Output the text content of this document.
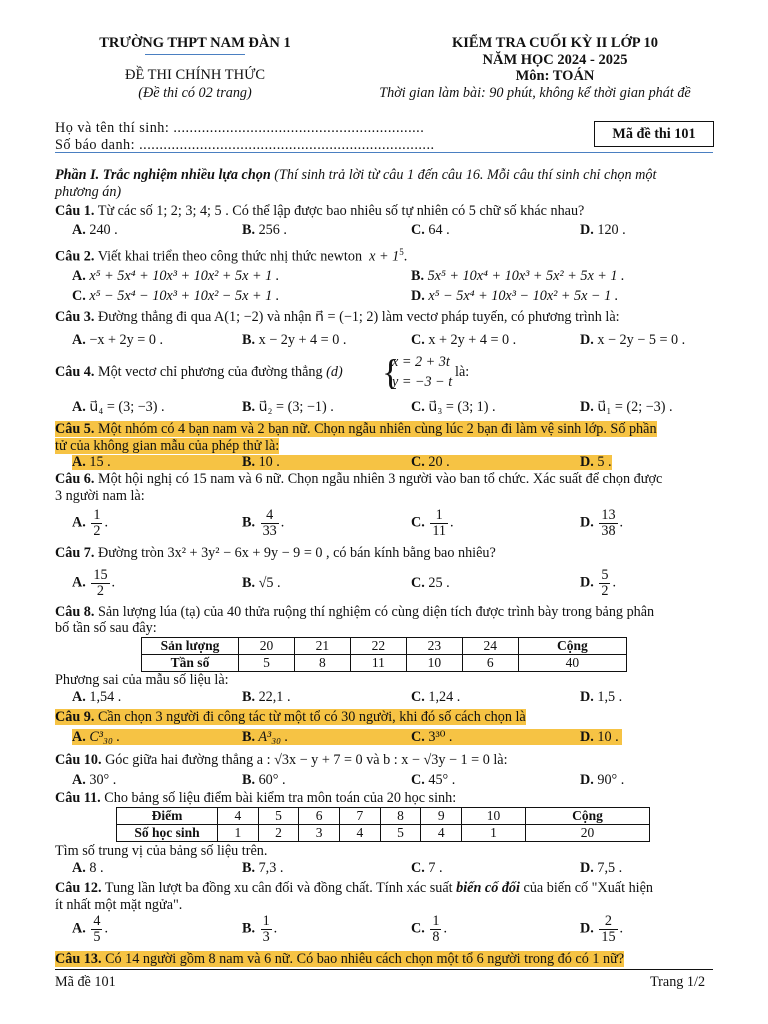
TRƯỜNG THPT NAM ĐÀN 1
ĐỀ THI CHÍNH THỨC
(Đề thi có 02 trang)
KIỂM TRA CUỐI KỲ II LỚP 10
NĂM HỌC 2024 - 2025
Môn: TOÁN
Thời gian làm bài: 90 phút, không kể thời gian phát đề
Họ và tên thí sinh: ..............................................................
Số báo danh: .........................................................................
Mã đề thi 101
Phần I. Trắc nghiệm nhiều lựa chọn (Thí sinh trả lời từ câu 1 đến câu 16. Mỗi câu thí sinh chỉ chọn một
phương án)
Câu 1. Từ các số 1; 2; 3; 4; 5 . Có thể lập được bao nhiêu số tự nhiên có 5 chữ số khác nhau?
A. 240 .	B. 256 .	C. 64 .	D. 120 .
Câu 2. Viết khai triển theo công thức nhị thức newton $x + 1^5$.
A. x⁵ + 5x⁴ + 10x³ + 10x² + 5x + 1 .	B. 5x⁵ + 10x⁴ + 10x³ + 5x² + 5x + 1 .
C. x⁵ − 5x⁴ − 10x³ + 10x² − 5x + 1 .	D. x⁵ − 5x⁴ + 10x³ − 10x² + 5x − 1 .
Câu 3. Đường thẳng đi qua A(1; −2) và nhận n⃗ = (−1; 2) làm vectơ pháp tuyến, có phương trình là:
A. −x + 2y = 0 .	B. x − 2y + 4 = 0 .	C. x + 2y + 4 = 0 .	D. x − 2y − 5 = 0 .
Câu 4. Một vectơ chỉ phương của đường thẳng (d) {
x = 2 + 3t
y = −3 − t
là:
A. u⃗₄ = (3; −3) .	B. u⃗₂ = (3; −1) .	C. u⃗₃ = (3; 1) .	D. u⃗₁ = (2; −3) .
Câu 5. Một nhóm có 4 bạn nam và 2 bạn nữ. Chọn ngẫu nhiên cùng lúc 2 bạn đi làm vệ sinh lớp. Số phần
tử của không gian mẫu của phép thử là:
A. 15 .	B. 10 .	C. 20 .	D. 5 .
Câu 6. Một hội nghị có 15 nam và 6 nữ. Chọn ngẫu nhiên 3 người vào ban tổ chức. Xác suất để chọn được
3 người nam là:
A. $\frac{1}{2}$ .	B. $\frac{4}{33}$ .	C. $\frac{1}{11}$ .	D. $\frac{13}{38}$ .
Câu 7. Đường tròn 3x² + 3y² − 6x + 9y − 9 = 0 , có bán kính bằng bao nhiêu?
A. $\frac{15}{2}$ .	B. √5 .	C. 25 .	D. $\frac{5}{2}$ .
Câu 8. Sản lượng lúa (tạ) của 40 thửa ruộng thí nghiệm có cùng diện tích được trình bày trong bảng phân
bố tần số sau đây:
Sản lượng	20	21	22	23	24	Cộng
Tần số	5	8	11	10	6	40
Phương sai của mẫu số liệu là:
A. 1,54 .	B. 22,1 .	C. 1,24 .	D. 1,5 .
Câu 9. Cần chọn 3 người đi công tác từ một tổ có 30 người, khi đó số cách chọn là
A. C³₃₀ .	B. A³₃₀ .	C. 3³⁰ .	D. 10 .
Câu 10. Góc giữa hai đường thẳng a : √3x − y + 7 = 0 và b : x − √3y − 1 = 0 là:
A. 30° .	B. 60° .	C. 45° .	D. 90° .
Câu 11. Cho bảng số liệu điểm bài kiểm tra môn toán của 20 học sinh:
Điểm	4	5	6	7	8	9	10	Cộng
Số học sinh	1	2	3	4	5	4	1	20
Tìm số trung vị của bảng số liệu trên.
A. 8 .	B. 7,3 .	C. 7 .	D. 7,5 .
Câu 12. Tung lần lượt ba đồng xu cân đối và đồng chất. Tính xác suất biến cố đối của biến cố "Xuất hiện
ít nhất một mặt ngửa".
A. $\frac{4}{5}$ .	B. $\frac{1}{3}$ .	C. $\frac{1}{8}$ .	D. $\frac{2}{15}$ .
Câu 13. Có 14 người gồm 8 nam và 6 nữ. Có bao nhiêu cách chọn một tổ 6 người trong đó có 1 nữ?
Mã đề 101	Trang 1/2
